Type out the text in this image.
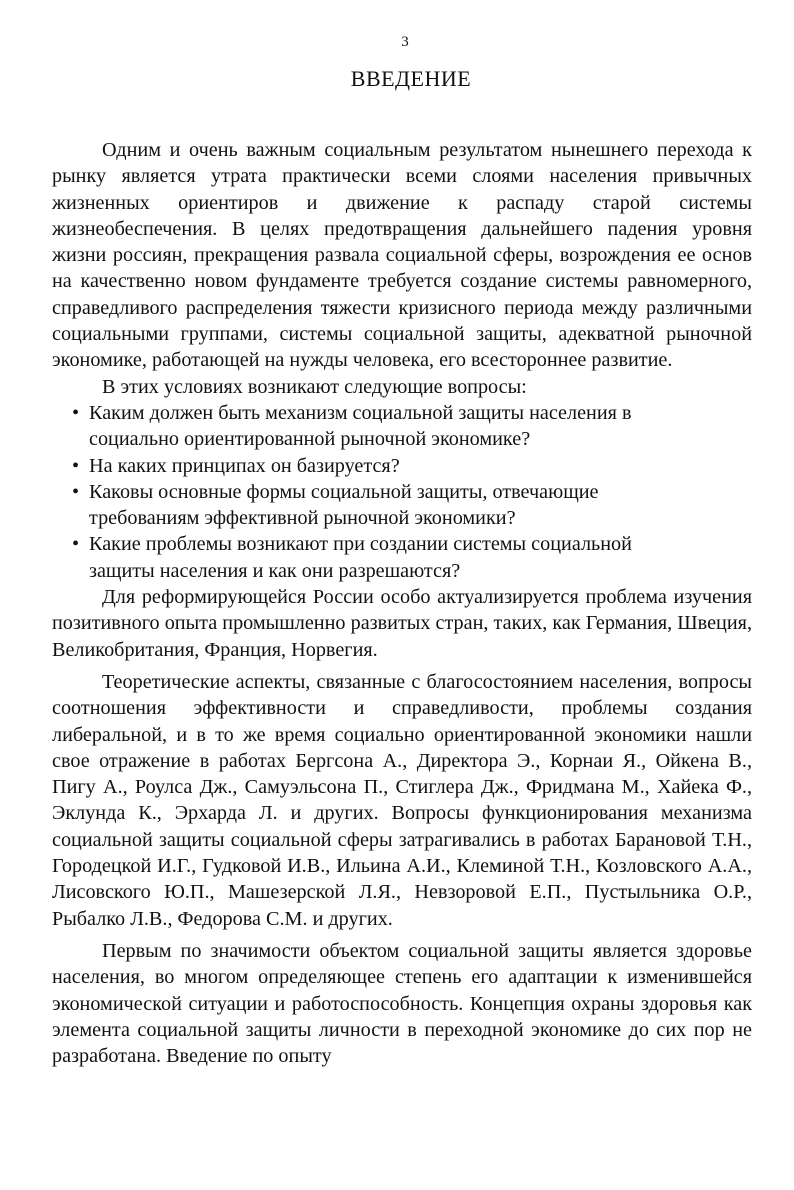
3
ВВЕДЕНИЕ

Одним и очень важным социальным результатом нынешнего перехода к рынку является утрата практически всеми слоями населения привычных жизненных ориентиров и движение к распаду старой системы жизнеобеспечения. В целях предотвращения дальнейшего падения уровня жизни россиян, прекращения развала социальной сферы, возрождения ее основ на качественно новом фундаменте требуется создание системы равномерного, справедливого распределения тяжести кризисного периода между различными социальными группами, системы социальной защиты, адекватной рыночной экономике, работающей на нужды человека, его всестороннее развитие.

В этих условиях возникают следующие вопросы:

• Каким должен быть механизм социальной защиты населения в социально ориентированной рыночной экономике?
• На каких принципах он базируется?
• Каковы основные формы социальной защиты, отвечающие требованиям эффективной рыночной экономики?
• Какие проблемы возникают при создании системы социальной защиты населения и как они разрешаются?

Для реформирующейся России особо актуализируется проблема изучения позитивного опыта промышленно развитых стран, таких, как Германия, Швеция, Великобритания, Франция, Норвегия.

Теоретические аспекты, связанные с благосостоянием населения, вопросы соотношения эффективности и справедливости, проблемы создания либеральной, и в то же время социально ориентированной экономики нашли свое отражение в работах Бергсона А., Директора Э., Корнаи Я., Ойкена В., Пигу А., Роулса Дж., Самуэльсона П., Стиглера Дж., Фридмана М., Хайека Ф., Эклунда К., Эрхарда Л. и других. Вопросы функционирования механизма социальной защиты социальной сферы затрагивались в работах Барановой Т.Н., Городецкой И.Г., Гудковой И.В., Ильина А.И., Клеминой Т.Н., Козловского А.А., Лисовского Ю.П., Машезерской Л.Я., Невзоровой Е.П., Пустыльника О.Р., Рыбалко Л.В., Федорова С.М. и других.

Первым по значимости объектом социальной защиты является здоровье населения, во многом определяющее степень его адаптации к изменившейся экономической ситуации и работоспособность. Концепция охраны здоровья как элемента социальной защиты личности в переходной экономике до сих пор не разработана. Введение по опыту
